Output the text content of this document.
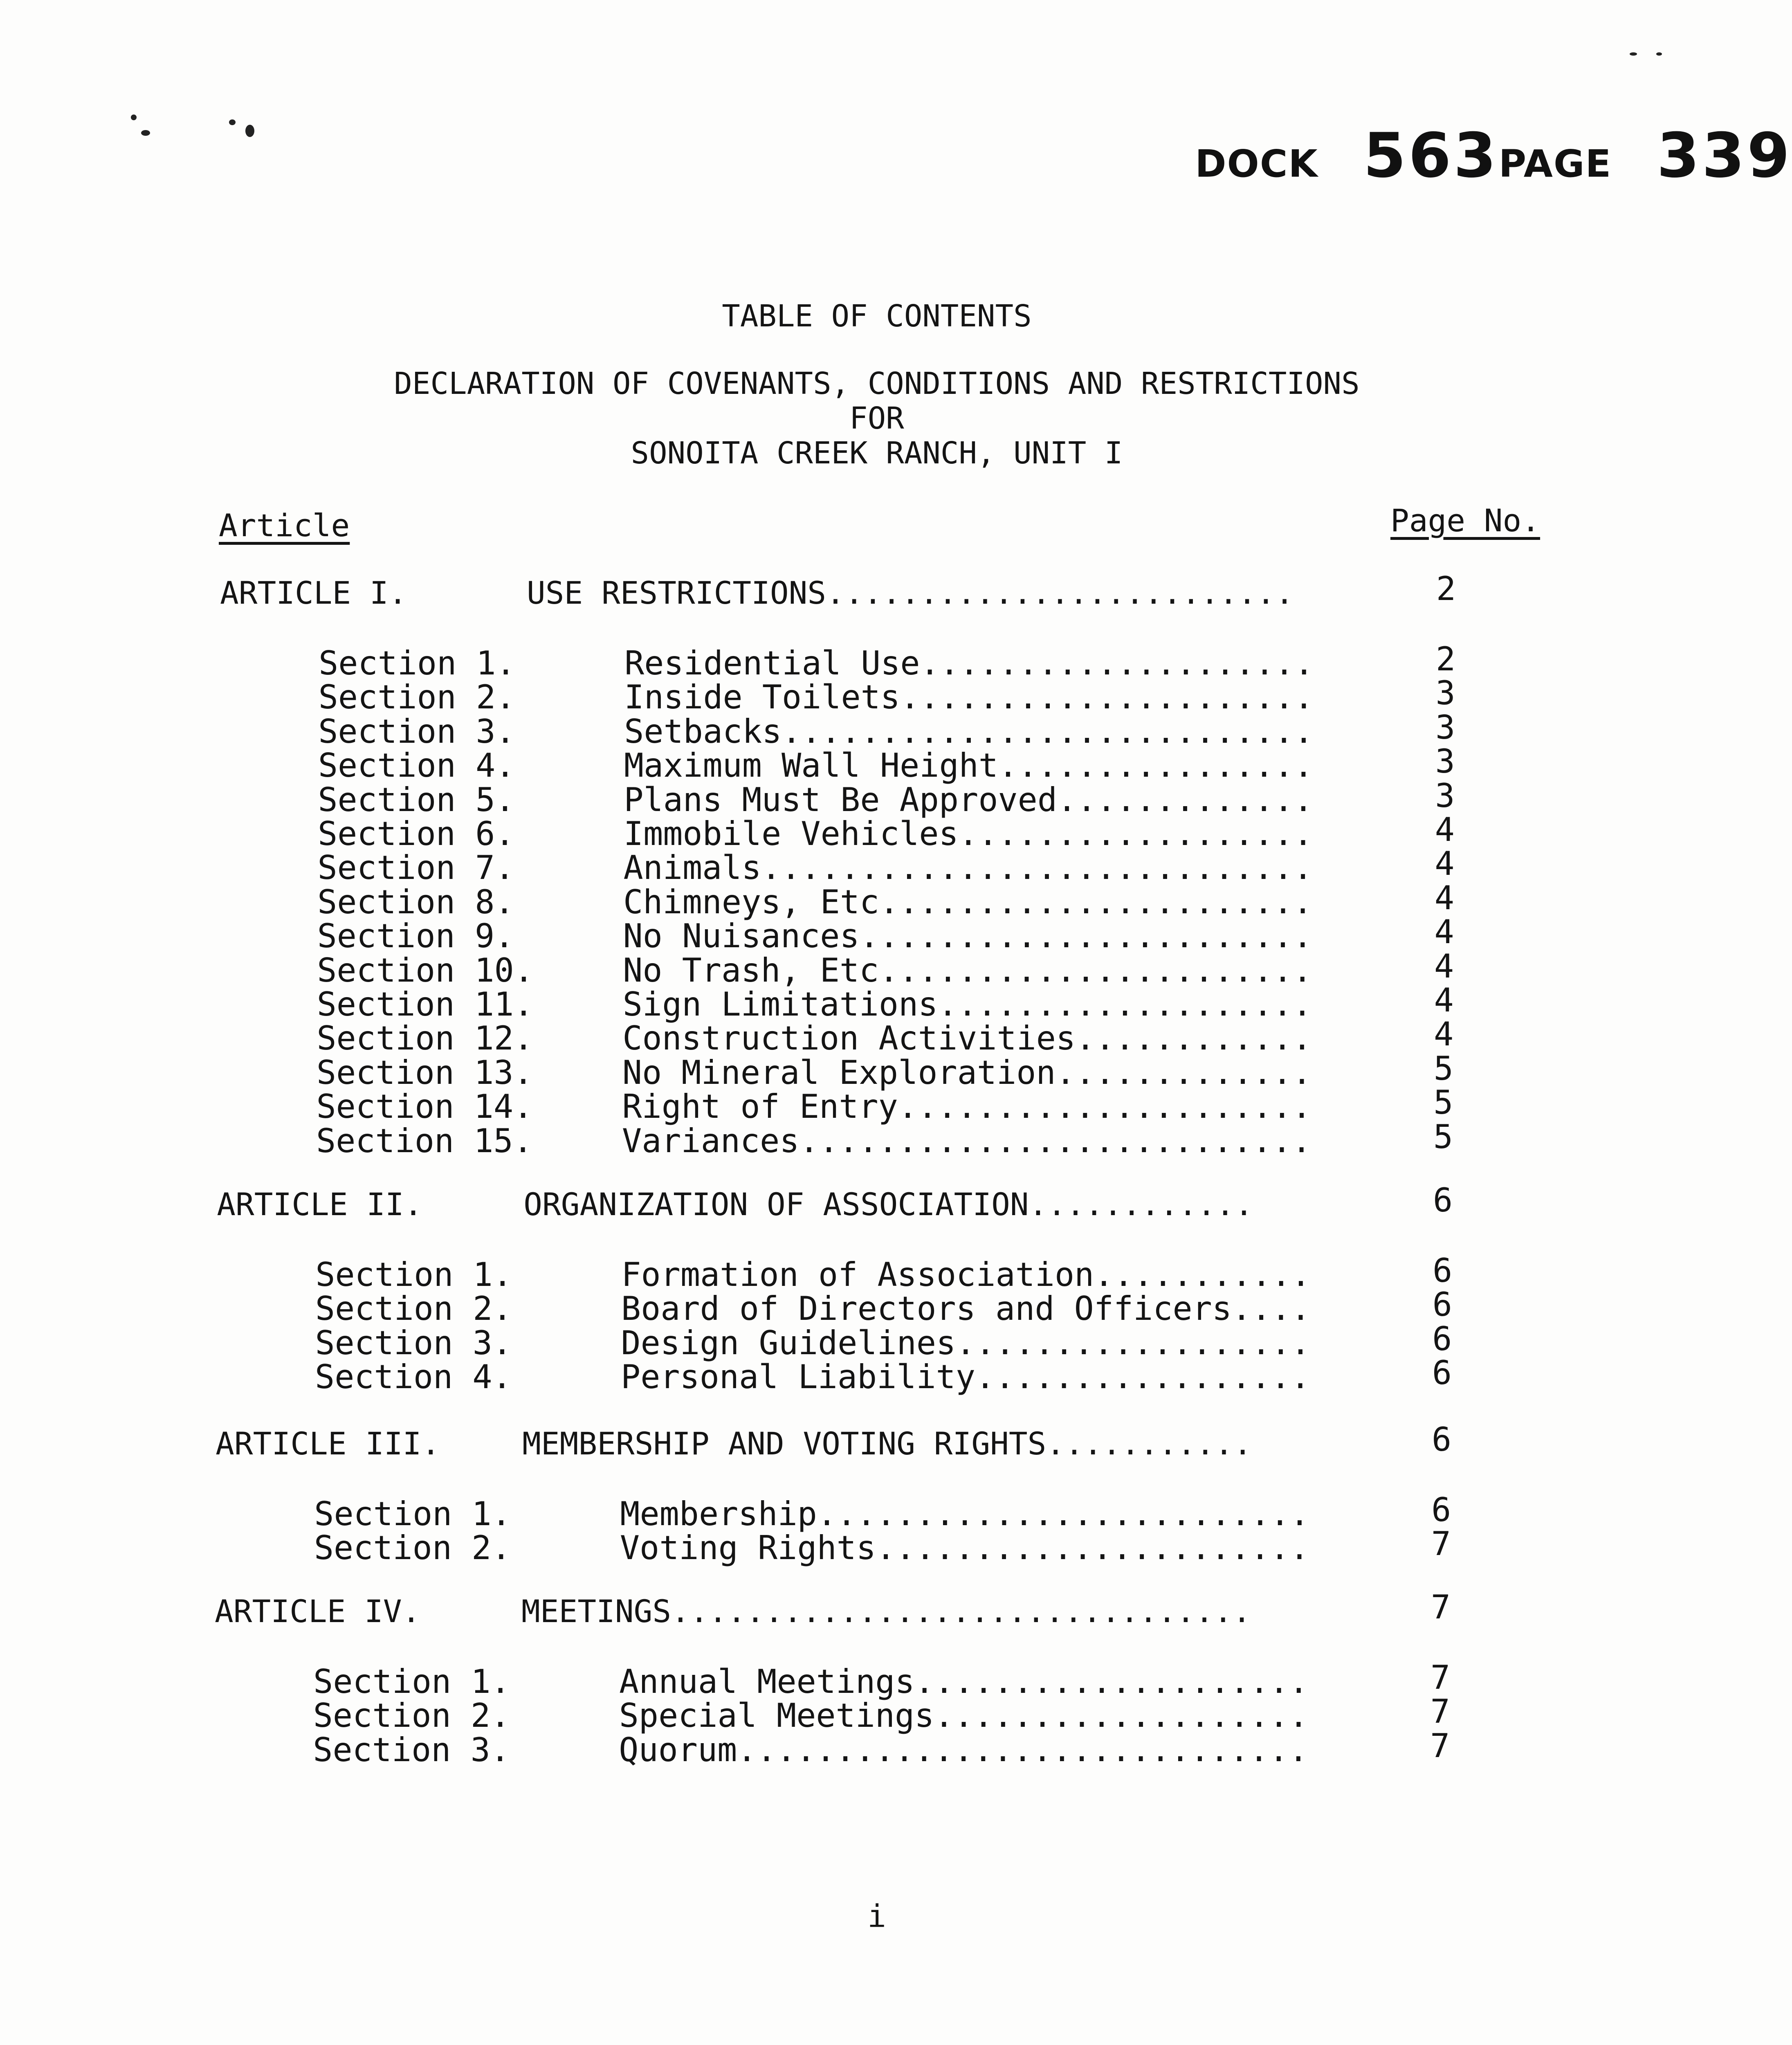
DOCK 563PAGE 339

TABLE OF CONTENTS
DECLARATION OF COVENANTS, CONDITIONS AND RESTRICTIONS
FOR
SONOITA CREEK RANCH, UNIT I
Article	Page No.
ARTICLE I.	USE RESTRICTIONS.........................	2
Section 1.	Residential Use....................	2
Section 2.	Inside Toilets.....................	3
Section 3.	Setbacks...........................	3
Section 4.	Maximum Wall Height................	3
Section 5.	Plans Must Be Approved.............	3
Section 6.	Immobile Vehicles..................	4
Section 7.	Animals............................	4
Section 8.	Chimneys, Etc......................	4
Section 9.	No Nuisances.......................	4
Section 10.	No Trash, Etc......................	4
Section 11.	Sign Limitations...................	4
Section 12.	Construction Activities............	4
Section 13.	No Mineral Exploration.............	5
Section 14.	Right of Entry.....................	5
Section 15.	Variances..........................	5
ARTICLE II.	ORGANIZATION OF ASSOCIATION............	6
Section 1.	Formation of Association...........	6
Section 2.	Board of Directors and Officers....	6
Section 3.	Design Guidelines..................	6
Section 4.	Personal Liability.................	6
ARTICLE III.	MEMBERSHIP AND VOTING RIGHTS...........	6
Section 1.	Membership.........................	6
Section 2.	Voting Rights......................	7
ARTICLE IV.	MEETINGS...............................	7
Section 1.	Annual Meetings....................	7
Section 2.	Special Meetings...................	7
Section 3.	Quorum.............................	7
i
